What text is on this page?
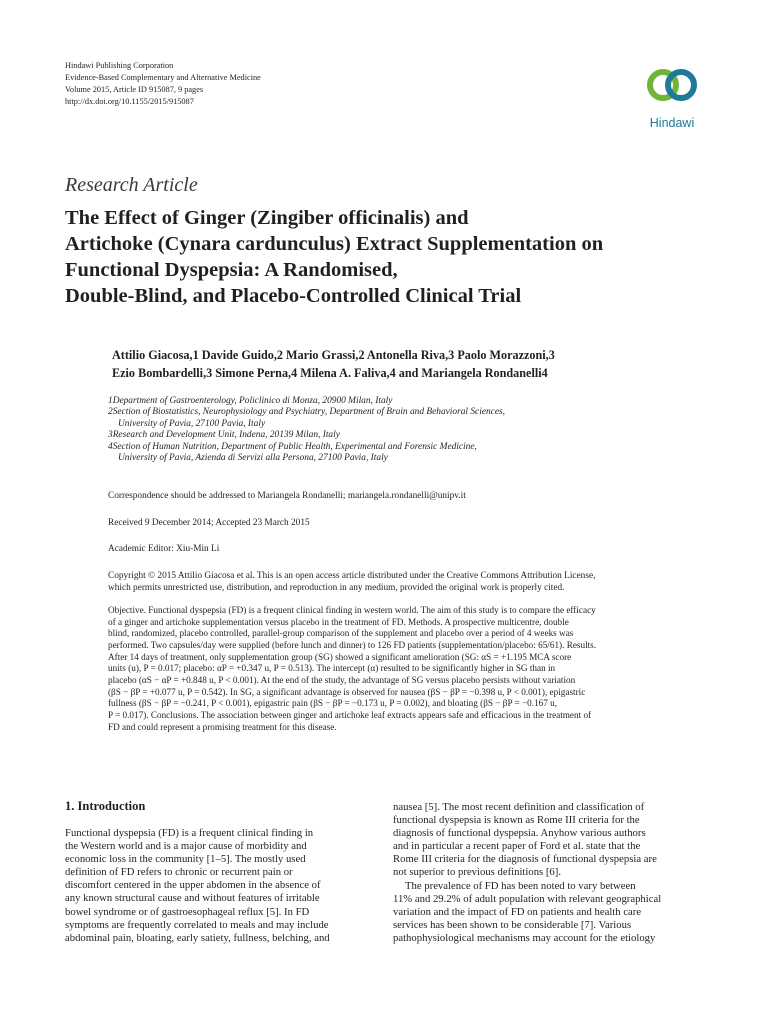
Hindawi Publishing Corporation
Evidence-Based Complementary and Alternative Medicine
Volume 2015, Article ID 915087, 9 pages
http://dx.doi.org/10.1155/2015/915087
Hindawi
Research Article
The Effect of Ginger (Zingiber officinalis) and
Artichoke (Cynara cardunculus) Extract Supplementation on
Functional Dyspepsia: A Randomised,
Double-Blind, and Placebo-Controlled Clinical Trial
Attilio Giacosa,1 Davide Guido,2 Mario Grassi,2 Antonella Riva,3 Paolo Morazzoni,3
Ezio Bombardelli,3 Simone Perna,4 Milena A. Faliva,4 and Mariangela Rondanelli4
1Department of Gastroenterology, Policlinico di Monza, 20900 Milan, Italy
2Section of Biostatistics, Neurophysiology and Psychiatry, Department of Brain and Behavioral Sciences,
University of Pavia, 27100 Pavia, Italy
3Research and Development Unit, Indena, 20139 Milan, Italy
4Section of Human Nutrition, Department of Public Health, Experimental and Forensic Medicine,
University of Pavia, Azienda di Servizi alla Persona, 27100 Pavia, Italy
Correspondence should be addressed to Mariangela Rondanelli; mariangela.rondanelli@unipv.it
Received 9 December 2014; Accepted 23 March 2015
Academic Editor: Xiu-Min Li
Copyright © 2015 Attilio Giacosa et al. This is an open access article distributed under the Creative Commons Attribution License,
which permits unrestricted use, distribution, and reproduction in any medium, provided the original work is properly cited.
Objective. Functional dyspepsia (FD) is a frequent clinical finding in western world. The aim of this study is to compare the efficacy
of a ginger and artichoke supplementation versus placebo in the treatment of FD. Methods. A prospective multicentre, double
blind, randomized, placebo controlled, parallel-group comparison of the supplement and placebo over a period of 4 weeks was
performed. Two capsules/day were supplied (before lunch and dinner) to 126 FD patients (supplementation/placebo: 65/61). Results.
After 14 days of treatment, only supplementation group (SG) showed a significant amelioration (SG: αS = +1.195 MCA score
units (u), P = 0.017; placebo: αP = +0.347 u, P = 0.513). The intercept (α) resulted to be significantly higher in SG than in
placebo (αS − αP = +0.848 u, P < 0.001). At the end of the study, the advantage of SG versus placebo persists without variation
(βS − βP = +0.077 u, P = 0.542). In SG, a significant advantage is observed for nausea (βS − βP = −0.398 u, P < 0.001), epigastric
fullness (βS − βP = −0.241, P < 0.001), epigastric pain (βS − βP = −0.173 u, P = 0.002), and bloating (βS − βP = −0.167 u,
P = 0.017). Conclusions. The association between ginger and artichoke leaf extracts appears safe and efficacious in the treatment of
FD and could represent a promising treatment for this disease.
1. Introduction
Functional dyspepsia (FD) is a frequent clinical finding in
the Western world and is a major cause of morbidity and
economic loss in the community [1–5]. The mostly used
definition of FD refers to chronic or recurrent pain or
discomfort centered in the upper abdomen in the absence of
any known structural cause and without features of irritable
bowel syndrome or of gastroesophageal reflux [5]. In FD
symptoms are frequently correlated to meals and may include
abdominal pain, bloating, early satiety, fullness, belching, and
nausea [5]. The most recent definition and classification of
functional dyspepsia is known as Rome III criteria for the
diagnosis of functional dyspepsia. Anyhow various authors
and in particular a recent paper of Ford et al. state that the
Rome III criteria for the diagnosis of functional dyspepsia are
not superior to previous definitions [6].
The prevalence of FD has been noted to vary between
11% and 29.2% of adult population with relevant geographical
variation and the impact of FD on patients and health care
services has been shown to be considerable [7]. Various
pathophysiological mechanisms may account for the etiology
